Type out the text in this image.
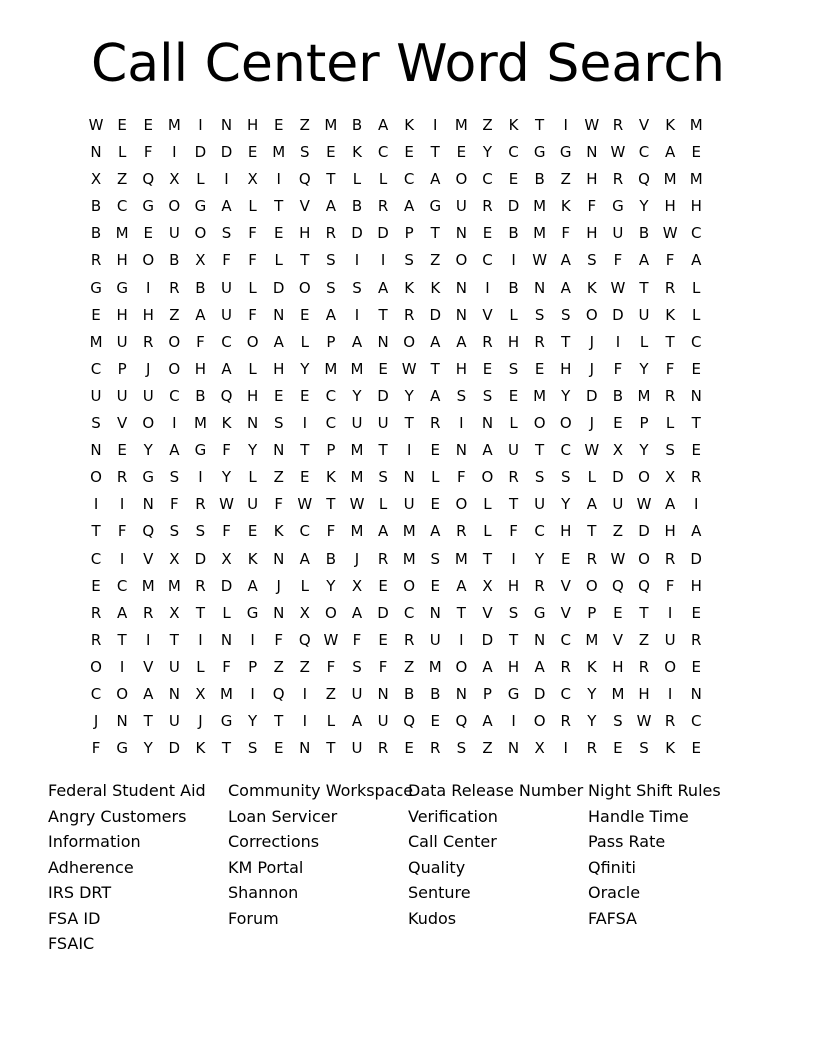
Call Center Word Search
W E	E M	I	N H	E	Z M B	A	K	I	M Z	K	T	I	W R	V	K M
N	L	F	I	D D	E M S	E	K	C	E	T	E	Y	C	G G N W C	A	E
X	Z	Q	X	L	I	X	I	Q	T	L	L	C	A	O C	E	B	Z	H	R Q M M
B	C	G O G	A	L	T	V	A	B	R	A	G U	R	D M K	F	G	Y	H H
B M E	U O	S	F	E	H	R	D D	P	T	N	E	B M	F	H U	B W C
R	H O	B	X	F	F	L	T	S	I	I	S	Z	O C	I	W A	S	F	A	F	A
G G	I	R	B	U	L	D O	S	S	A	K	K	N	I	B	N	A	K W T	R	L
E	H H	Z	A	U	F	N	E	A	I	T	R	D N	V	L	S	S	O D U	K	L
M U	R O	F	C O	A	L	P	A	N O	A	A	R	H	R	T	J	I	L	T	C
C	P	J	O H	A	L	H	Y	M M E W T	H	E	S	E	H	J	F	Y	F	E
U	U	U	C	B	Q H	E	E	C	Y	D	Y	A	S	S	E M	Y	D	B M R	N
S	V	O	I	M K	N	S	I	C	U	U	T	R	I	N	L	O O	J	E	P	L	T
N	E	Y	A	G	F	Y	N	T	P	M	T	I	E	N	A	U	T	C W X	Y	S	E
O R	G	S	I	Y	L	Z	E	K M S	N	L	F	O R	S	S	L	D O	X	R
I	I	N	F	R W U	F W T W L	U	E	O	L	T	U	Y	A	U W A	I
T	F	Q	S	S	F	E	K	C	F	M A M A	R	L	F	C	H	T	Z	D H	A
C	I	V	X	D	X	K	N	A	B	J	R M S M	T	I	Y	E	R W O R	D
E	C M M R	D	A	J	L	Y	X	E	O	E	A	X	H	R	V	O Q Q	F	H
R	A	R	X	T	L	G N	X	O	A	D	C	N	T	V	S	G	V	P	E	T	I	E
R	T	I	T	I	N	I	F	Q W F	E	R	U	I	D	T	N	C M V	Z	U	R
O	I	V	U	L	F	P	Z	Z	F	S	F	Z M O	A	H	A	R	K	H	R O	E
C O	A	N	X M	I	Q	I	Z	U N	B	B	N	P	G D	C	Y	M H	I	N
J	N	T	U	J	G	Y	T	I	L	A	U Q	E	Q	A	I	O R	Y	S W R	C
F	G	Y	D	K	T	S	E	N	T	U	R	E	R	S	Z	N	X	I	R	E	S	K	E
Federal Student Aid
Angry Customers
Information
Adherence
IRS DRT
FSA ID
FSAIC
Community Workspace
Loan Servicer
Corrections
KM Portal
Shannon
Forum
Data Release Number
Verification
Call Center
Quality
Senture
Kudos
Night Shift Rules
Handle Time
Pass Rate
Qfiniti
Oracle
FAFSA
